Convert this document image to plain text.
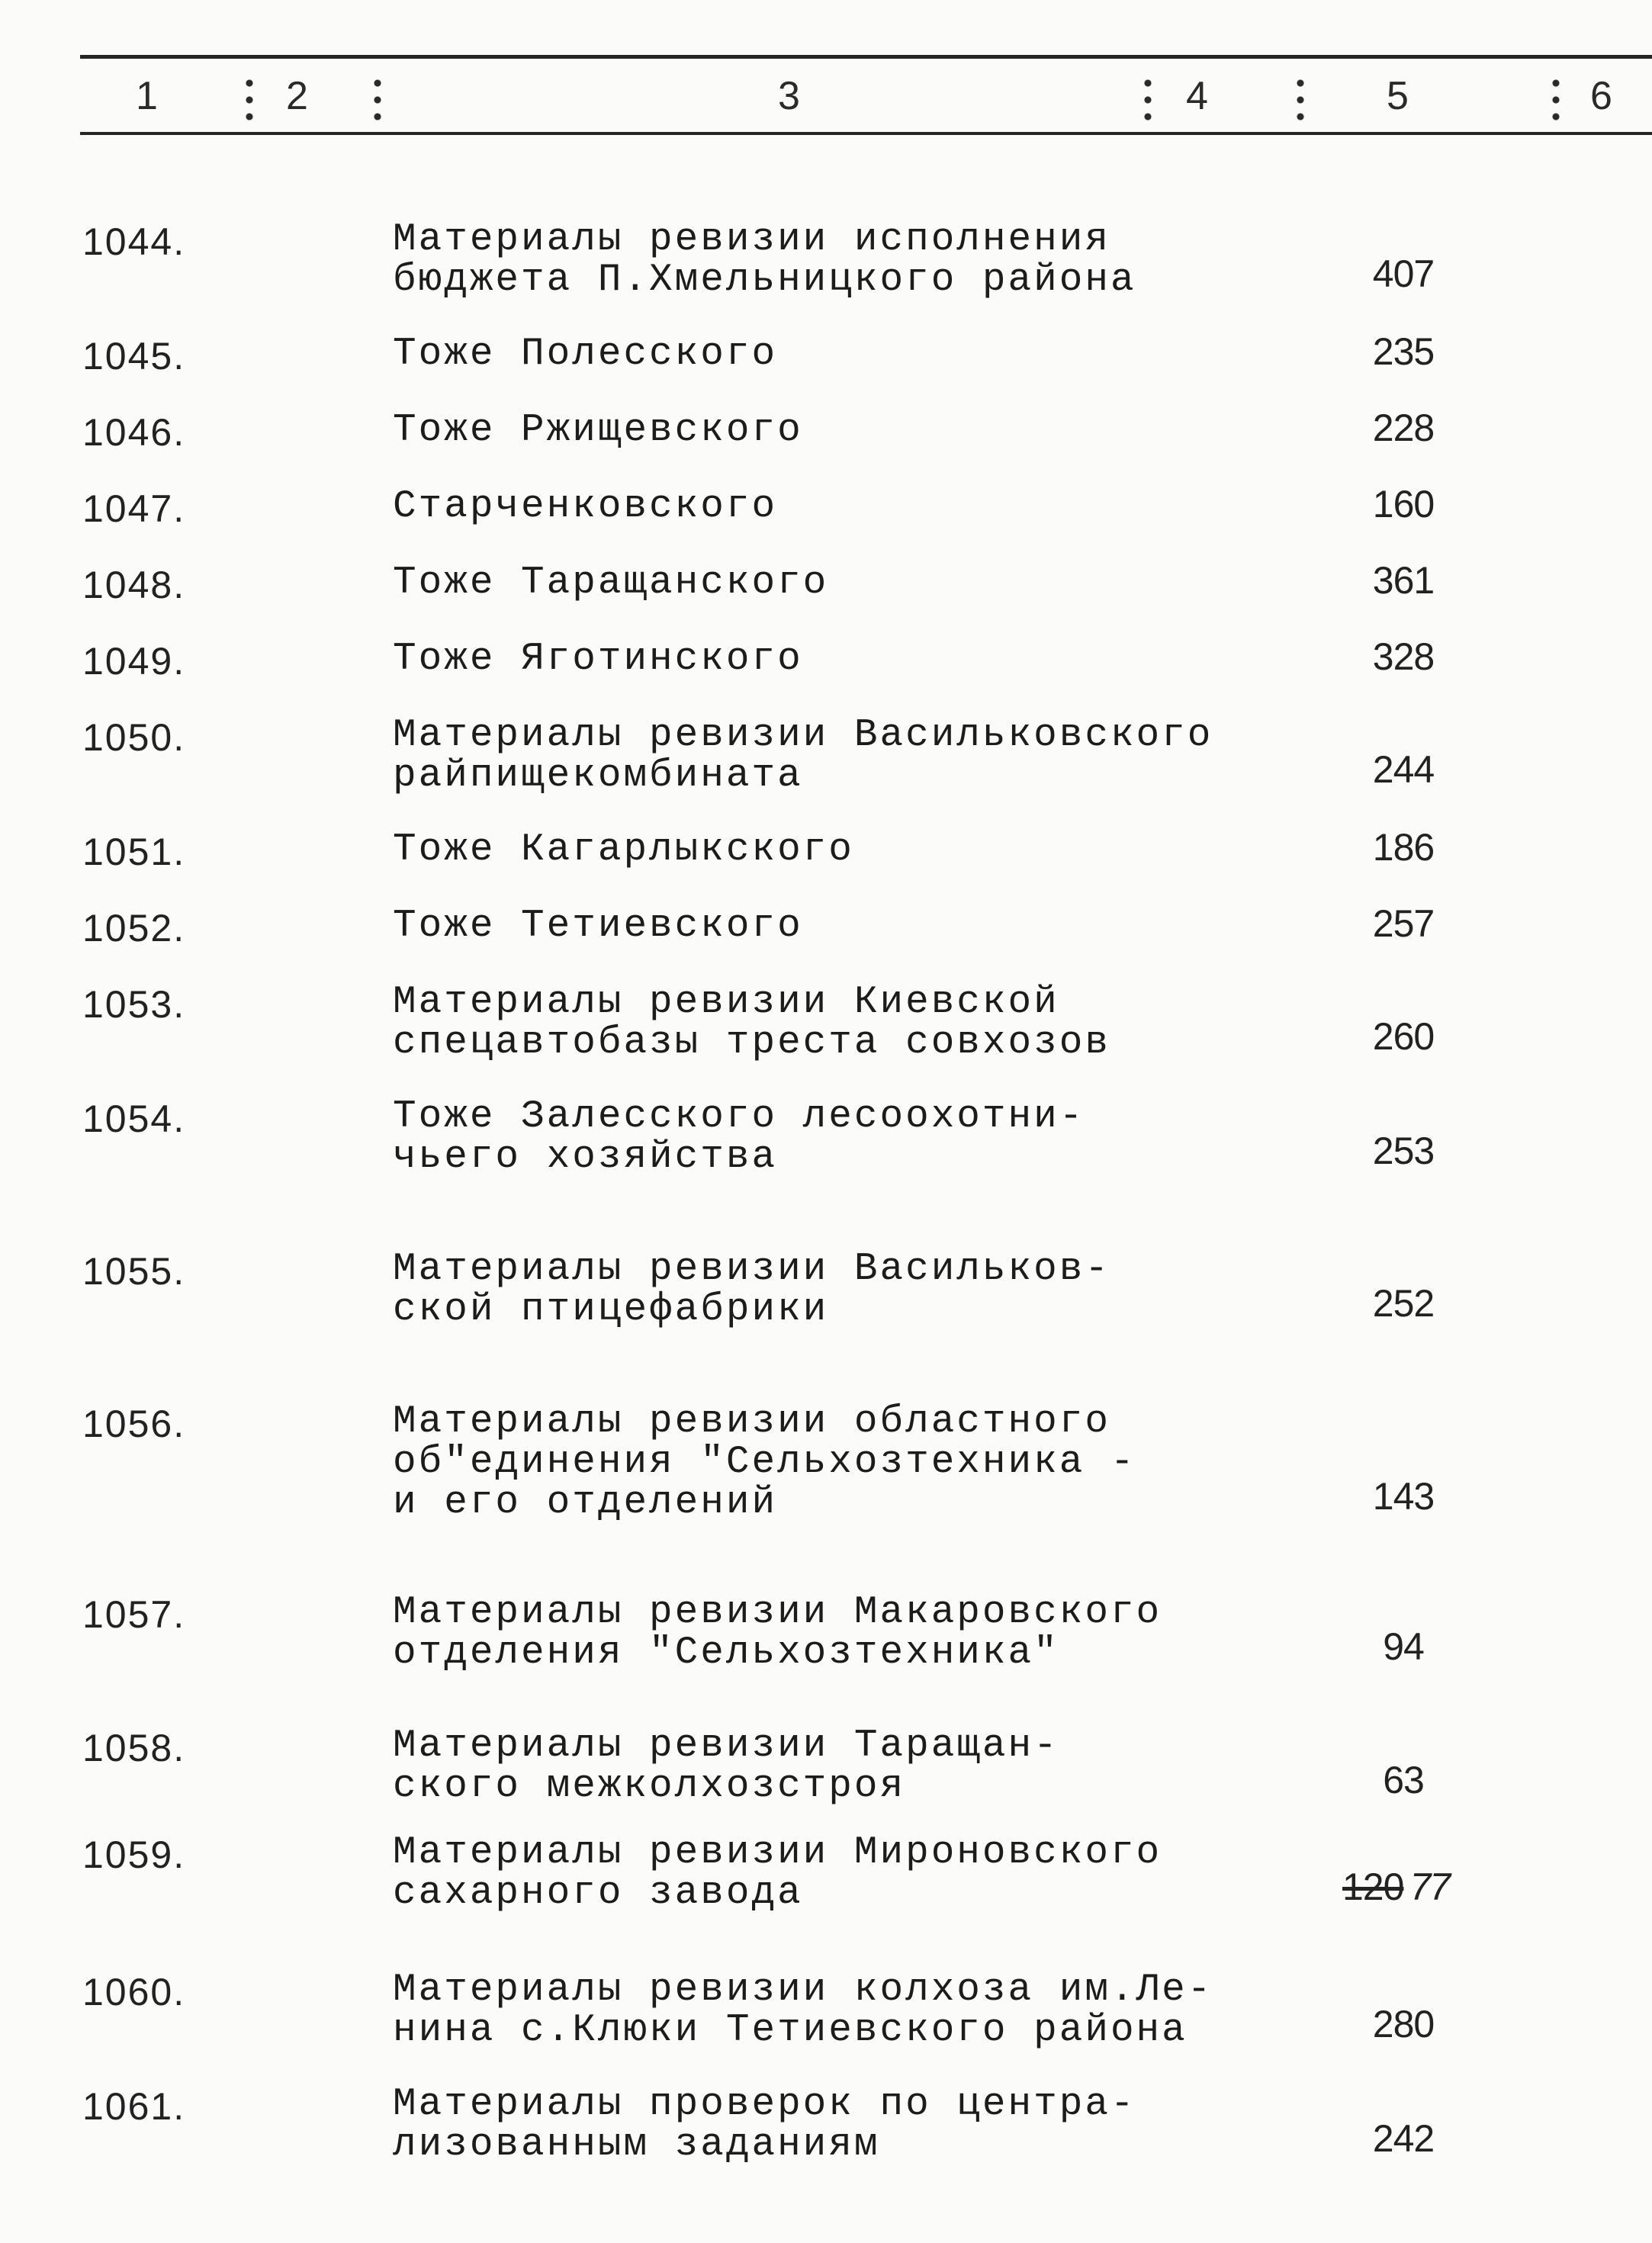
1	2	3	4	5	6
1044.	Материалы ревизии исполнения
бюджета П.Хмельницкого района	407
1045.	Тоже Полесского	235
1046.	Тоже Ржищевского	228
1047.	Старченковского	160
1048.	Тоже Таращанского	361
1049.	Тоже Яготинского	328
1050.	Материалы ревизии Васильковского
райпищекомбината	244
1051.	Тоже Кагарлыкского	186
1052.	Тоже Тетиевского	257
1053.	Материалы ревизии Киевской
спецавтобазы треста совхозов	260
1054.	Тоже Залесского лесоохотни-
чьего хозяйства	253
1055.	Материалы ревизии Васильков-
ской птицефабрики	252
1056.	Материалы ревизии областного
об"единения "Сельхозтехника -
и его отделений	143
1057.	Материалы ревизии Макаровского
отделения "Сельхозтехника"	94
1058.	Материалы ревизии Таращан-
ского межколхозстроя	63
1059.	Материалы ревизии Мироновского
сахарного завода	120 77
1060.	Материалы ревизии колхоза им.Ле-
нина с.Клюки Тетиевского района	280
1061.	Материалы проверок по центра-
лизованным заданиям	242
